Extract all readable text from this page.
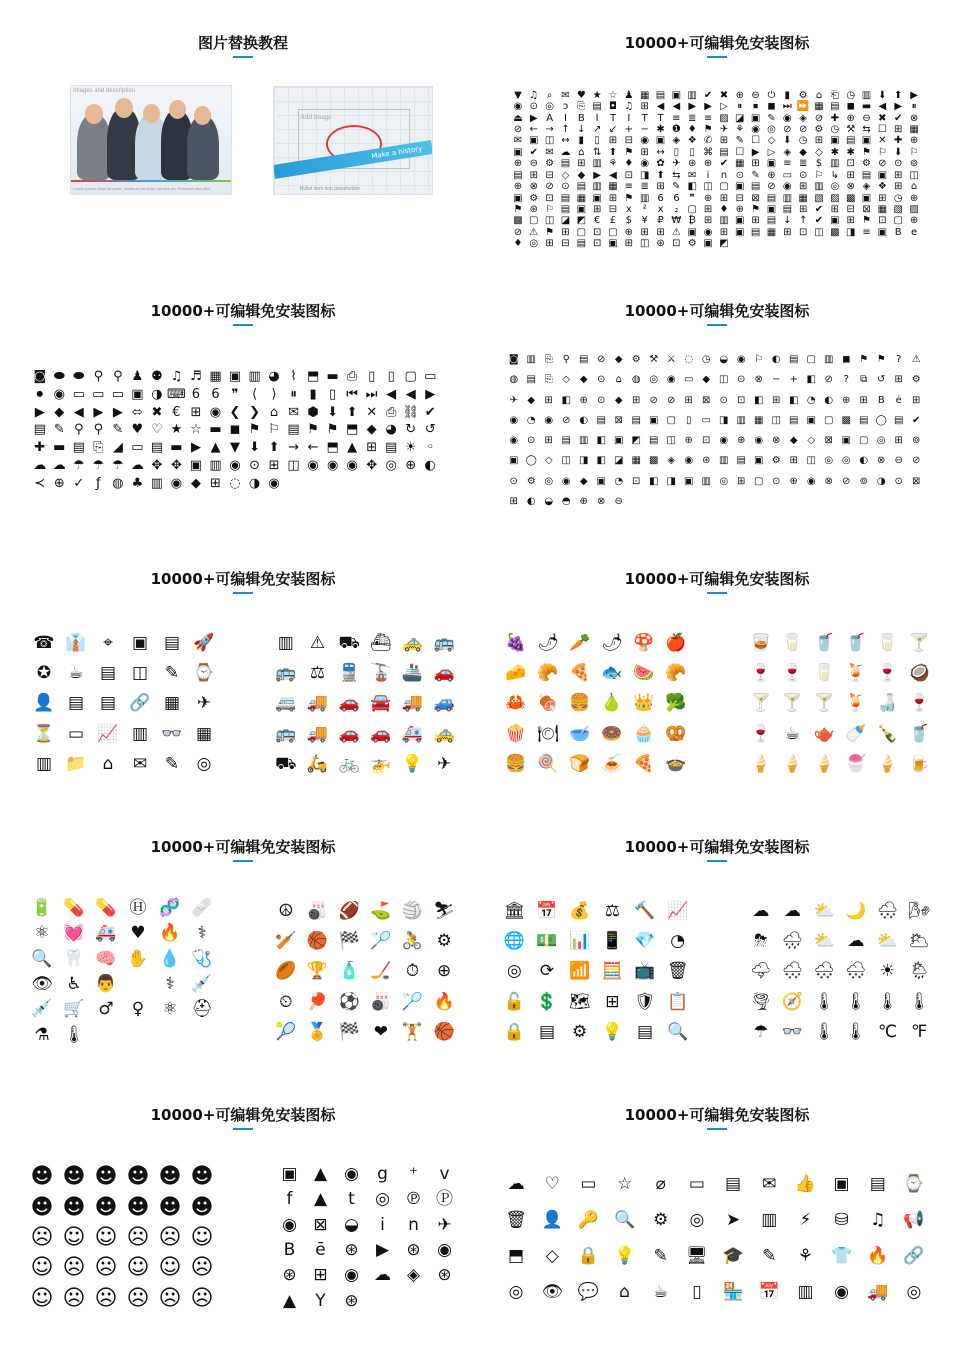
图片替换教程
Images and description
Lorem ipsum dolor sit amet. Vivamus est dolor, ultrices eu. Praesent sed nibh.
Add Image
Make a history
Bullet item text placeholder
10000+可编辑免安装图标
10000+可编辑免安装图标	10000+可编辑免安装图标
10000+可编辑免安装图标	10000+可编辑免安装图标
10000+可编辑免安装图标	10000+可编辑免安装图标
10000+可编辑免安装图标	10000+可编辑免安装图标
▼ ♫ ⌕ ✉ ♥ ★ ☆ ♟ ▦ ▤ ▣ ▥ ✔ ✖ ⊕ ⊖ ⏻ ▮ ⚙ ⌂ ⎗ ◷ ▥ ⬇ ⬆ ▶
◉ ⊙ ◎ ↄ ⎘ ▤ ◘ ♫ ⊞ ◀ ◀ ▶ ▶ ▷ ⏸ ⏹ ◼ ⏭ ⏩ ▦ ▤ ◼ ▬ ◀ ▶ ⏸
⏏ ▶ A I B I T I T T ≡ ≣ ≡ ▨ ◪ ▣ ✎ ◉ ◈ ⊘ ✚ ⊕ ⊖ ✖ ✔ ⊗
⊘ ← → ↑ ↓ ↗ ↙ + − ✱ ❶ ♦ ⚑ ✈ ⚘ ◉ ◎ ⊘ ⊘ ⚙ ◷ ⚒ ⇆ ☐ ⊞ ▦
✉ ▣ ◫ ↔ ▮ ▯ ⊞ ⊟ ◉ ▣ ◈ ❖ ✆ ⊞ ✎ ☐ ◇ ⬇ ◷ ⊞ ▣ ▤ ▣ ✕ ✚ ⊕
▣ ✔ ✉ ☁ ⌂ ⇅ ⬆ ⚑ ⊞ ↔ ▯ ▯ ⌘ ▤ ☐ ▶ ▷ ◈ ◆ ◇ ✱ ✱ ⚑ ⚐ ⬇ ⚐
⊕ ⊖ ⚙ ▤ ⊞ ▥ ⚘ ♦ ◉ ✿ ✈ ⊛ ⊕ ✔ ▦ ⊞ ▣ ≡ ≣ $ ▥ ⊡ ⚙ ⊘ ⊙ ⊚
▤ ⊞ ⊟ ◇ ◆ ▶ ◀ ⊡ ◨ ⬆ ⇆ ✉ i n ⊙ ✎ ⊕ ▭ ⊙ ⚐ ↳ ⊞ ▤ ▣ ⊞ ◫
⊕ ⊗ ⊘ ⊙ ▤ ▥ ▦ ≡ ≣ ⊞ ✎ ◧ ◫ ▢ ▣ ▤ ⊘ ◉ ⊞ ▥ ◎ ⊗ ◈ ❖ ⊞ ⌂
▣ ⚙ ⊡ ▤ ▦ ▣ ⊞ ⚑ ▥ 6 6 ❞ ⊕ ⊞ ⊟ ⊠ ▤ ▥ ▦ ▧ ▨ ▩ ▣ ⊞ ◷ ⊕
⚑ ⊛ ⚐ ▤ ▣ ⊞ ⊟ x ² x ₂ ▢ ⊞ ♦ ⊕ ⚑ ▣ ▤ ⊞ ✔ ⊞ ⊟ ⊠ ▦ ▧ ▨
▩ ▢ ◫ ◪ ◩ € £ $ ¥ ₽ ₩ ₿ ⊞ ▥ ▣ ⊞ ▤ ↓ ↑ ✔ ▣ ⊞ ⚑ ⊡ ▢ ⊕
⊘ ⚠ ⚑ ⊞ ▢ ⊡ ▢ ⊕ ⊞ ⊞ ⚠ ▣ ◉ ⊞ ▣ ▤ ▦ ⊞ ⊡ ◫ ▩ ◨ ≡ ▣ B e
♦ ◎ ⊞ ⊟ ▤ ⊡ ▣ ⊞ ◫ ⊛ ⊡ ⚙ ▣ ◩
◙ ⬬ ⬬ ⚲ ⚲ ♟ ⚉ ♫ ♬ ▦ ▣ ▥ ◕ ⌇ ⬒ ▬ ⎙ ▯ ▯ ▢ ▭
⏺ ◉ ▭ ▭ ▭ ▣ ◑ ⌨ 6 6 ❞ ⟨ ⟩ ⏸ ▮ ▯ ⏮ ⏭ ◀ ◀ ▶
▶ ◆ ◀ ▶ ▶ ⬄ ✖ € ⊞ ◉ ❮ ❯ ⌂ ✉ ⬢ ⬇ ⬆ ✕ ⎙ ⛓ ✔
▤ ✎ ⚲ ⚲ ✎ ♥ ♡ ★ ☆ ▬ ◼ ⚑ ⚐ ▤ ⚑ ⚑ ⬒ ◆ ◕ ↻ ↺
✚ ▬ ▤ ⎘ ◢ ▭ ▤ ▬ ▶ ▲ ▼ ⬇ ⬆ → ← ⬒ ▲ ⊞ ▤ ☀ ◦
☁ ☁ ☂ ☂ ☂ ☁ ✥ ✥ ▣ ▥ ◉ ⊙ ⊞ ◫ ◉ ◉ ◉ ✥ ◎ ⊕ ◐
≺ ⊕ ✓ ƒ ◍ ♣ ▥ ◉ ◆ ⊞ ◌ ◑ ◉
◙ ▥ ⎘ ⚲ ▤ ⊘ ◆ ⚙ ⚒ ⚔ ◌ ◷ ◒ ◉ ⚐ ◐ ▤ ▢ ▥ ◼ ⚑ ⚑ ? ⚠
◍ ▤ ⎘ ◇ ◆ ⊙ ⌂ ◍ ◎ ◉ ▭ ◆ ◫ ⊙ ⊗ − + ◧ ⊘ ? ⧉ ↺ ⊞ ⚙
✈ ◆ ⊞ ◧ ⊕ ⊙ ◆ ⊞ ⊘ ⊘ ⊞ ⊠ ⊙ ⊡ ◧ ⊞ ◧ ◔ ◐ ⊕ ⊞ B ė ⊞
◉ ◔ ◉ ⊘ ◐ ▤ ⊠ ▤ ▣ ▢ ▯ ▭ ◨ ▥ ▦ ◫ ▤ ▣ ▢ ▩ ▤ ◯ ▤ ✔
◉ ⊙ ⊞ ▤ ▥ ◧ ▣ ◩ ▤ ◫ ⊕ ⊡ ◉ ⊕ ◉ ⊗ ◆ ◇ ⊠ ▣ ▢ ◎ ⊞ ⊚
▣ ◯ ◇ ◫ ◨ ◧ ◪ ▦ ▩ ◈ ◉ ⊛ ▥ ▤ ▣ ⚙ ⊞ ◫ ◎ ◎ ◐ ⊗ ⊖ ⊘
⊙ ⚙ ◎ ◉ ◆ ▣ ◔ ⊡ ◧ ◨ ▣ ▥ ◎ ⊞ ▢ ⊙ ⊕ ◉ ⊗ ⊘ ⊚ ◑ ⊙ ⊠
⊞ ◐ ◒ ◓ ⊕ ⊗ ⊖
☎ 👔 ⌖ ▣ ▤ 🚀
✪ ☕ ▤ ◫ ✎ ⌚
👤 ▤ ▤ 🔗 ▦ ✈
⏳ ▭ 📈 ▥ 👓 ▦
▥ 📁 ⌂ ✉ ✎ ◎
▥ ⚠ ⛟ ⛴ 🚕 🚌
🚌 ⚖ 🚆 🚡 🚢 🚗
🚐 🚚 🚗 🚘 🚚 🚙
🚌 🚚 🚗 🚗 🚑 🚕
⛟ 🛵 🚲 🚁 💡 ✈
🍇 🌶 🥕 🌶 🍄 🍎
🧀 🥐 🍕 🐟 🍉 🥐
🦀 🍖 🍔 🍐 👑 🥦
🍿 🍽 🥣 🍩 🧁 🥨
🍔 🍭 🍞 🍝 🍕 🍲
🥃 🥛 🥤 🥤 🥛 🍸
🍷 🍷 🥛 🍹 🍷 🥥
🍸 🍸 🍸 🍹 🍶 🍷
🍷 ☕ 🫖 🍼 🍾 🥤
🍦 🍦 🍦 🍧 🍦 🍺
🔋 💊 💊 Ⓗ 🧬 🩹
⚛ 💓 🚑 ♥ 🔥 ⚕
🔍 🦷 🧠 ✋ 💧 🩺
👁 ♿ 👨	⚕ 💉
💉 🛒 ♂ ♀ ⚛ ⛑
⚗ 🌡
☮ 🎳 🏈 ⛳ 🏐 ⛷
🏏 🏀 🏁 🏸 🚴 ⚙
🏉 🏆 🧴 🏒 ⏱ ⊕
⏲ 🏓 ⚽ 🎳 🏸 🔥
🎾 🏅 🏁 ❤ 🏋 🏀
🏛 📅 💰 ⚖ 🔨 📈
🌐 💵 📊 📱 💎 ◔
◎ ⟳ 📶 🧮 📺 🗑
🔓 💲 🗺 ⊞ 🛡 📋
🔒 ▤ ⚙ 💡 ▤ 🔍
☁ ☁ ⛅ 🌙 🌨 🌬
⛈ 🌧 ⛅ ☁ ⛅ 🌥
🌩 🌨 🌨 🌨 ☀ 🌦
🌪 🧭 🌡 🌡 🌡 🌡
☂ 👓 🌡 🌡 ℃ ℉
☻ ☻ ☻ ☻ ☻ ☻
☻ ☻ ☻ ☻ ☻ ☻
☹ ☺ ☺ ☹ ☹ ☺
☺ ☹ ☹ ☺ ☺ ☹
☺ ☹ ☹ ☹ ☹ ☹
▣ ▲ ◉ g ⁺ v
f ▲ t ◎ ℗ Ⓟ
◉ ⊠ ◒ i n ✈
B ē ⊛ ▶ ⊛ ◉
⊛ ⊞ ◉ ☁ ◈ ⊛
▲ Y ⊛
☁ ♡ ▭ ☆ ⌀ ▭ ▤ ✉ 👍 ▣ ▤ ⌚
🗑 👤 🔑 🔍 ⚙ ◎ ➤ ▥ ⚡ ⛁ ♫ 📢
⬒ ◇ 🔒 💡 ✎ 🖥 🎓 ✎ ⚘ 👕 🔥 🔗
◎ 👁 💬 ⌂ ☕ ▯ 🏪 📅 ▥ ◉ 🚚 ◎
